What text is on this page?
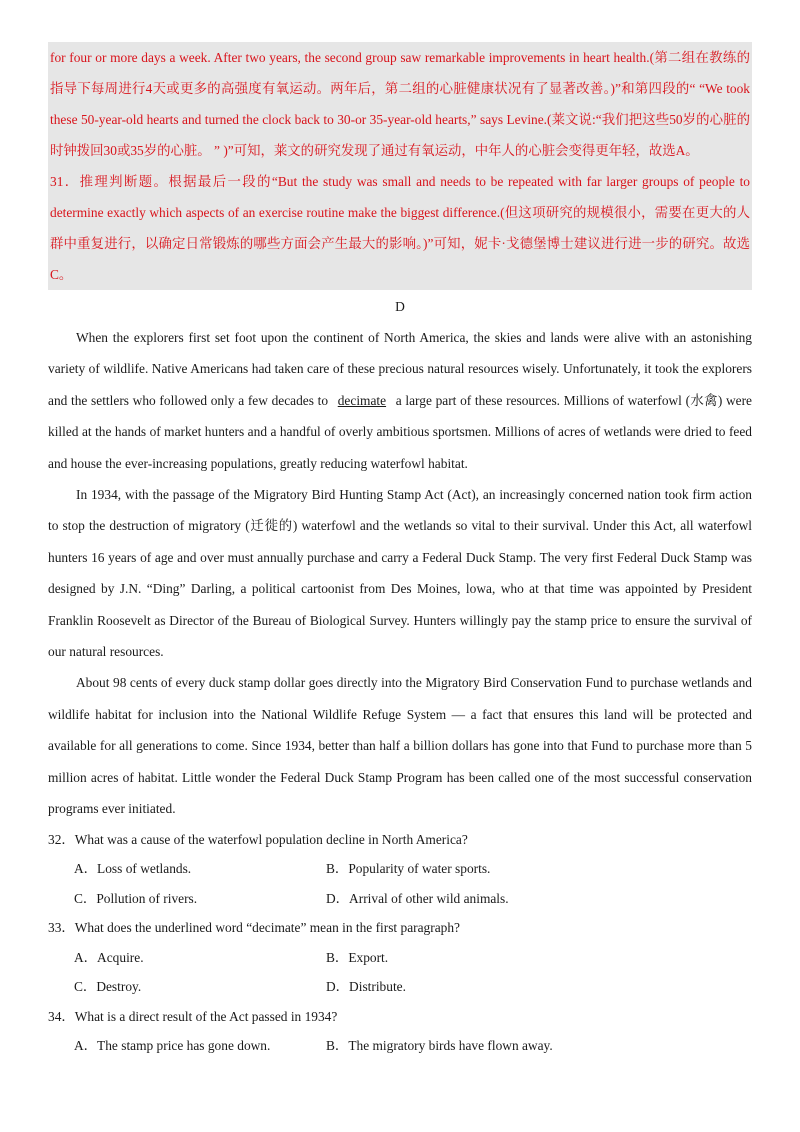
for four or more days a week. After two years, the second group saw remarkable improvements in heart health.(第二组在教练的指导下每周进行4天或更多的高强度有氧运动。两年后，第二组的心脏健康状况有了显著改善。)”和第四段的“ “We took these 50-year-old hearts and turned the clock back to 30-or 35-year-old hearts,” says Levine.(莱文说:“我们把这些50岁的心脏的时钟拨回30或35岁的心脏。 ” )”可知，莱文的研究发现了通过有氧运动，中年人的心脏会变得更年轻，故选A。

31．推理判断题。根据最后一段的“But the study was small and needs to be repeated with far larger groups of people to determine exactly which aspects of an exercise routine make the biggest difference.(但这项研究的规模很小，需要在更大的人群中重复进行，以确定日常锻炼的哪些方面会产生最大的影响。)”可知，妮卡·戈德堡博士建议进行进一步的研究。故选C。

D

When the explorers first set foot upon the continent of North America, the skies and lands were alive with an astonishing variety of wildlife. Native Americans had taken care of these precious natural resources wisely. Unfortunately, it took the explorers and the settlers who followed only a few decades to decimate a large part of these resources. Millions of waterfowl (水禽) were killed at the hands of market hunters and a handful of overly ambitious sportsmen. Millions of acres of wetlands were dried to feed and house the ever-increasing populations, greatly reducing waterfowl habitat.

In 1934, with the passage of the Migratory Bird Hunting Stamp Act (Act), an increasingly concerned nation took firm action to stop the destruction of migratory (迁徙的) waterfowl and the wetlands so vital to their survival. Under this Act, all waterfowl hunters 16 years of age and over must annually purchase and carry a Federal Duck Stamp. The very first Federal Duck Stamp was designed by J.N. “Ding” Darling, a political cartoonist from Des Moines, lowa, who at that time was appointed by President Franklin Roosevelt as Director of the Bureau of Biological Survey. Hunters willingly pay the stamp price to ensure the survival of our natural resources.

About 98 cents of every duck stamp dollar goes directly into the Migratory Bird Conservation Fund to purchase wetlands and wildlife habitat for inclusion into the National Wildlife Refuge System — a fact that ensures this land will be protected and available for all generations to come. Since 1934, better than half a billion dollars has gone into that Fund to purchase more than 5 million acres of habitat. Little wonder the Federal Duck Stamp Program has been called one of the most successful conservation programs ever initiated.

32．What was a cause of the waterfowl population decline in North America?

A．Loss of wetlands.	B．Popularity of water sports.
C．Pollution of rivers.	D．Arrival of other wild animals.

33．What does the underlined word “decimate” mean in the first paragraph?

A．Acquire.	B．Export.
C．Destroy.	D．Distribute.

34．What is a direct result of the Act passed in 1934?

A．The stamp price has gone down.	B．The migratory birds have flown away.
